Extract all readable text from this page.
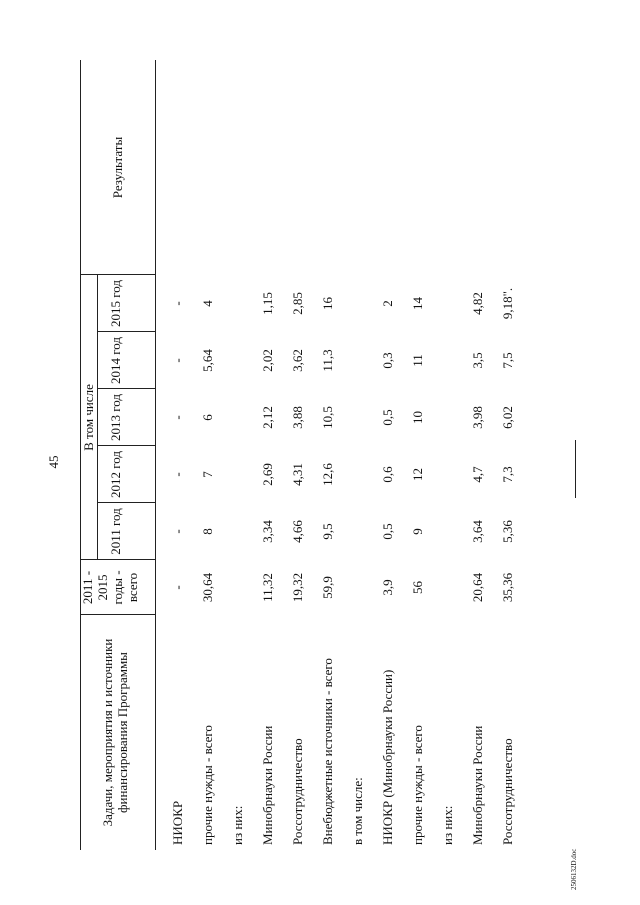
45
2506132D.doc
Задачи, мероприятия и источники финансирования Программы
2011 - 2015 годы - всего
В том числе
2011 год
2012 год
2013 год
2014 год
2015 год
Результаты
НИОКР
-
-
-
-
-
-
прочие нужды - всего
30,64
8
7
6
5,64
4
из них: Минобрнауки России
11,32
3,34
2,69
2,12
2,02
1,15
Россотрудничество
19,32
4,66
4,31
3,88
3,62
2,85
Внебюджетные источники - всего
59,9
9,5
12,6
10,5
11,3
16
в том числе: НИОКР (Минобрнауки России)
3,9
0,5
0,6
0,5
0,3
2
прочие нужды - всего
56
9
12
10
11
14
из них: Минобрнауки России
20,64
3,64
4,7
3,98
3,5
4,82
Россотрудничество
35,36
5,36
7,3
6,02
7,5
9,18".
